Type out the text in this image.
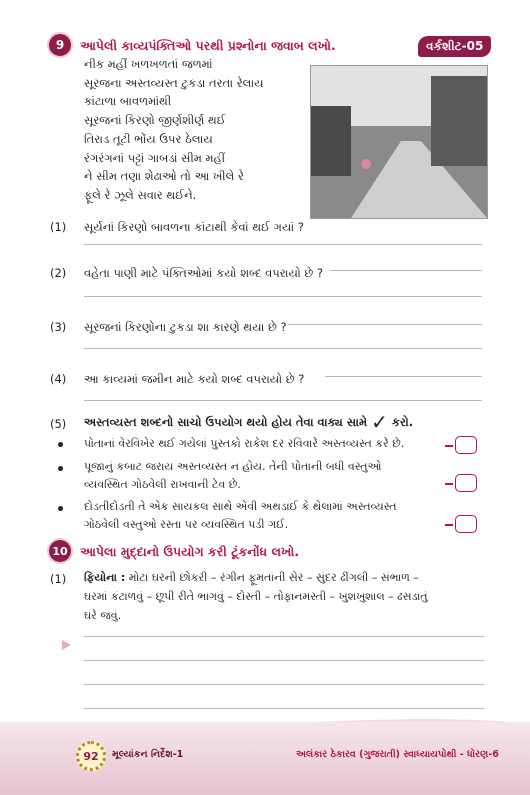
9	આપેલી કાવ્યપંક્તિઓ પરથી પ્રશ્નોના જવાબ લખો.	વર્કશીટ-05
નીક મહીં ખળખળતાં જળમાં
સૂરજના અસ્તવ્યસ્ત ટુકડા તરતા રેલાય
કાંટાળા બાવળમાંથી
સૂરજનાં કિરણો જીર્ણશીર્ણ થઈ
તિરાડ તૂટી ભોંય ઉપર ઠેલાય
રંગરંગનાં પટ્ટાં ગાબડાં સીમ મહીં
ને સીમ તણા શેઢાઓ તો આ ખીલે રે
ફૂલે રે ઝૂલે સવાર થઈને.
(1) સૂર્યનાં કિરણો બાવળના કાંટાથી કેવાં થઈ ગયાં ?
(2) વહેતા પાણી માટે પંક્તિઓમાં કયો શબ્દ વપરાયો છે ?
(3) સૂરજનાં કિરણોના ટુકડા શા કારણે થયા છે ?
(4) આ કાવ્યમાં જમીન માટે કયો શબ્દ વપરાયો છે ?
(5) અસ્તવ્યસ્ત શબ્દનો સાચો ઉપયોગ થયો હોય તેવા વાક્ય સામે ✓ કરો.
પોતાનાં વેરવિખેર થઈ ગયેલાં પુસ્તકો રાકેશ દર રવિવારે અસ્તવ્યસ્ત કરે છે.
પૂજાનું કબાટ જરાય અસ્તવ્યસ્ત ન હોય. તેની પોતાની બધી વસ્તુઓ
વ્યવસ્થિત ગોઠવેલી રાખવાની ટેવ છે.
દોડતીદોડતી તે એક સાયકલ સાથે એવી અથડાઈ કે થેલામાં અસ્તવ્યસ્ત
ગોઠવેલી વસ્તુઓ રસ્તા પર વ્યવસ્થિત પડી ગઈ.
10 આપેલા મુદ્દાનો ઉપયોગ કરી ટૂંકનોંધ લખો.
(1) ફિયોના : મોટા ઘરની છોકરી – રંગીન ફૂમતાંની સેર – સુંદર ઢીંગલી – સંભાળ –
ઘરમાં કંટાળવું – છૂપી રીતે ભાગવું – દોસ્તી – તોફાનમસ્તી – ખુશખુશાલ – ઢસડાતું
ઘરે જવું.
92	મૂલ્યાંકન નિર્દેશ-1	અલંકાર ઠેકારવ (ગુજરાતી) સ્વાધ્યાયપોથી - ધોરણ-6
